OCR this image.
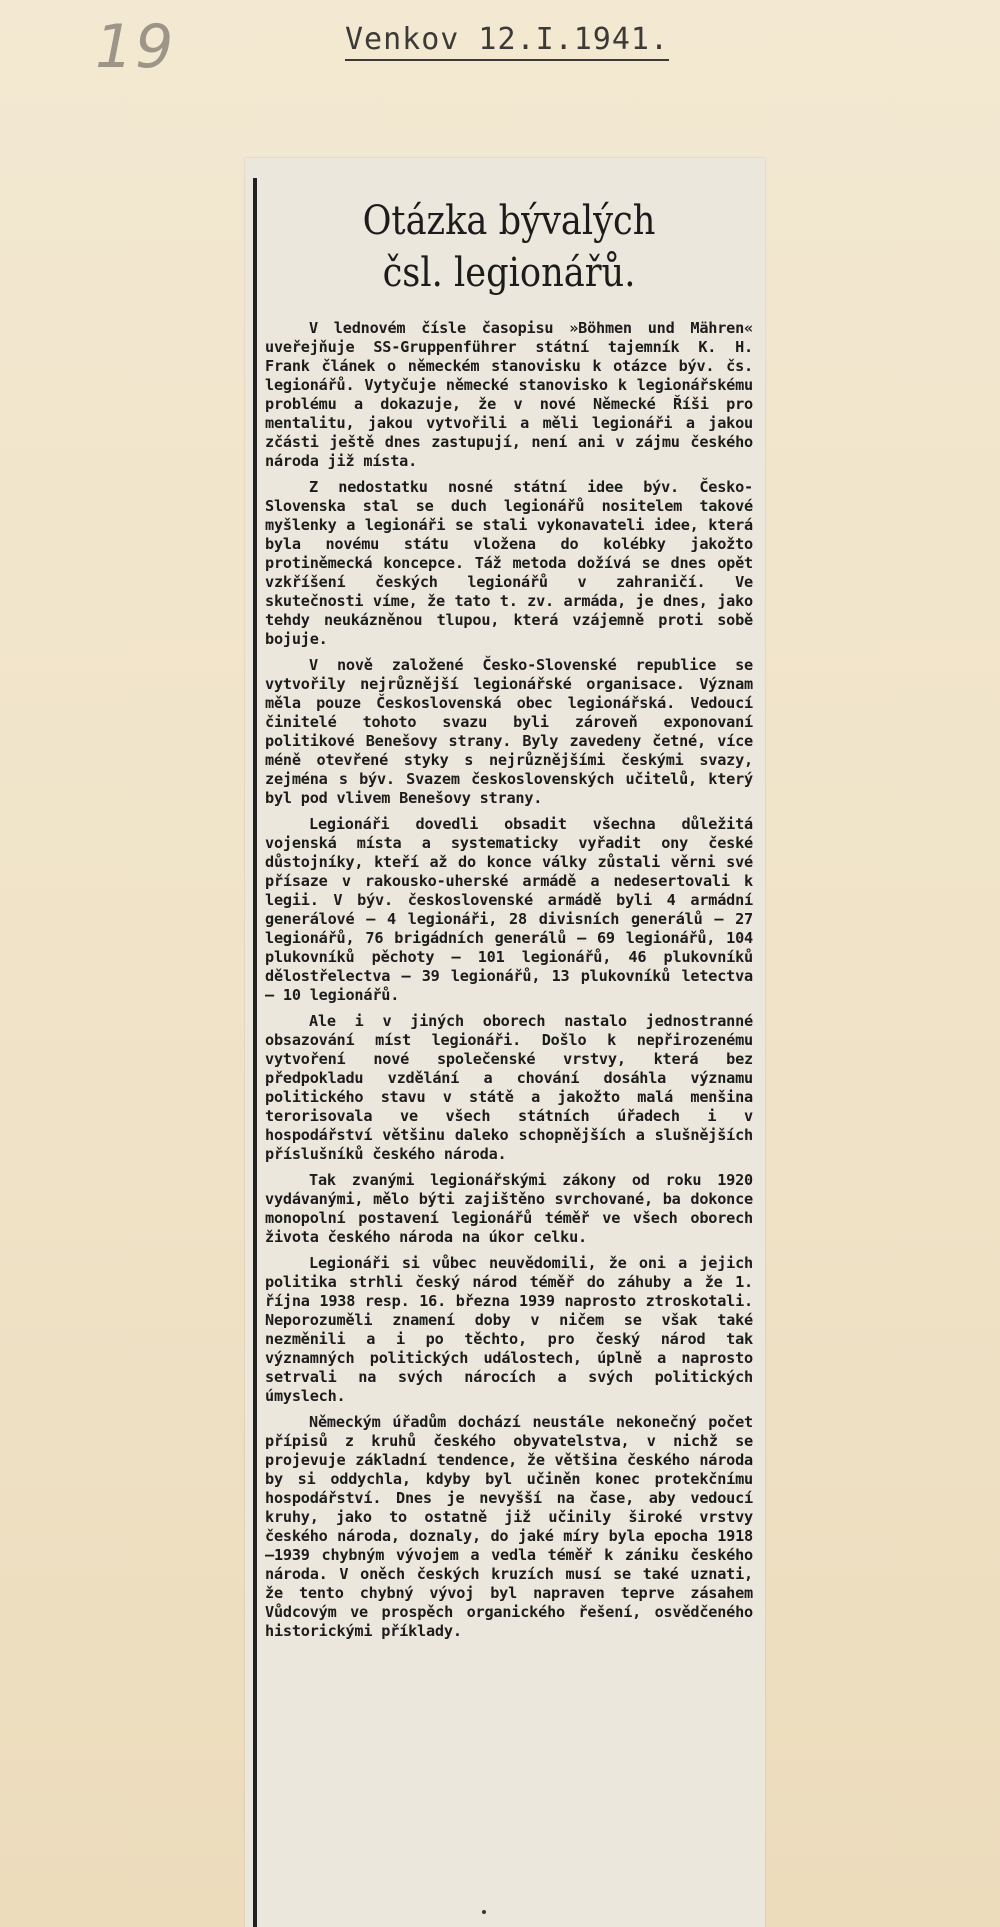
19	Venkov 12.I.1941.
Otázka bývalých
čsl. legionářů.

V lednovém čísle časopisu »Böhmen und Mähren« uveřejňuje SS-Gruppenführer státní tajemník K. H. Frank článek o německém stanovisku k otázce býv. čs. legionářů. Vytyčuje německé stanovisko k legionářskému problému a dokazuje, že v nové Německé Říši pro mentalitu, jakou vytvořili a měli legionáři a jakou zčásti ještě dnes zastupují, není ani v zájmu českého národa již místa.

Z nedostatku nosné státní idee býv. Česko-Slovenska stal se duch legionářů nositelem takové myšlenky a legionáři se stali vykonavateli idee, která byla novému státu vložena do kolébky jakožto protiněmecká koncepce. Táž metoda dožívá se dnes opět vzkříšení českých legionářů v zahraničí. Ve skutečnosti víme, že tato t. zv. armáda, je dnes, jako tehdy neukázněnou tlupou, která vzájemně proti sobě bojuje.

V nově založené Česko-Slovenské republice se vytvořily nejrůznější legionářské organisace. Význam měla pouze Československá obec legionářská. Vedoucí činitelé tohoto svazu byli zároveň exponovaní politikové Benešovy strany. Byly zavedeny četné, více méně otevřené styky s nejrůznějšími českými svazy, zejména s býv. Svazem československých učitelů, který byl pod vlivem Benešovy strany.

Legionáři dovedli obsadit všechna důležitá vojenská místa a systematicky vyřadit ony české důstojníky, kteří až do konce války zůstali věrni své přísaze v rakousko-uherské armádě a nedesertovali k legii. V býv. československé armádě byli 4 armádní generálové — 4 legionáři, 28 divisních generálů — 27 legionářů, 76 brigádních generálů — 69 legionářů, 104 plukovníků pěchoty — 101 legionářů, 46 plukovníků dělostřelectva — 39 legionářů, 13 plukovníků letectva — 10 legionářů.

Ale i v jiných oborech nastalo jednostranné obsazování míst legionáři. Došlo k nepřirozenému vytvoření nové společenské vrstvy, která bez předpokladu vzdělání a chování dosáhla významu politického stavu v státě a jakožto malá menšina terorisovala ve všech státních úřadech i v hospodářství většinu daleko schopnějších a slušnějších příslušníků českého národa.

Tak zvanými legionářskými zákony od roku 1920 vydávanými, mělo býti zajištěno svrchované, ba dokonce monopolní postavení legionářů téměř ve všech oborech života českého národa na úkor celku.

Legionáři si vůbec neuvědomili, že oni a jejich politika strhli český národ téměř do záhuby a že 1. října 1938 resp. 16. března 1939 naprosto ztroskotali. Neporozuměli znamení doby v ničem se však také nezměnili a i po těchto, pro český národ tak významných politických událostech, úplně a naprosto setrvali na svých nárocích a svých politických úmyslech.

Německým úřadům dochází neustále nekonečný počet přípisů z kruhů českého obyvatelstva, v nichž se projevuje základní tendence, že většina českého národa by si oddychla, kdyby byl učiněn konec protekčnímu hospodářství. Dnes je nevyšší na čase, aby vedoucí kruhy, jako to ostatně již učinily široké vrstvy českého národa, doznaly, do jaké míry byla epocha 1918—1939 chybným vývojem a vedla téměř k zániku českého národa. V oněch českých kruzích musí se také uznati, že tento chybný vývoj byl napraven teprve zásahem Vůdcovým ve prospěch organického řešení, osvědčeného historickými příklady.
